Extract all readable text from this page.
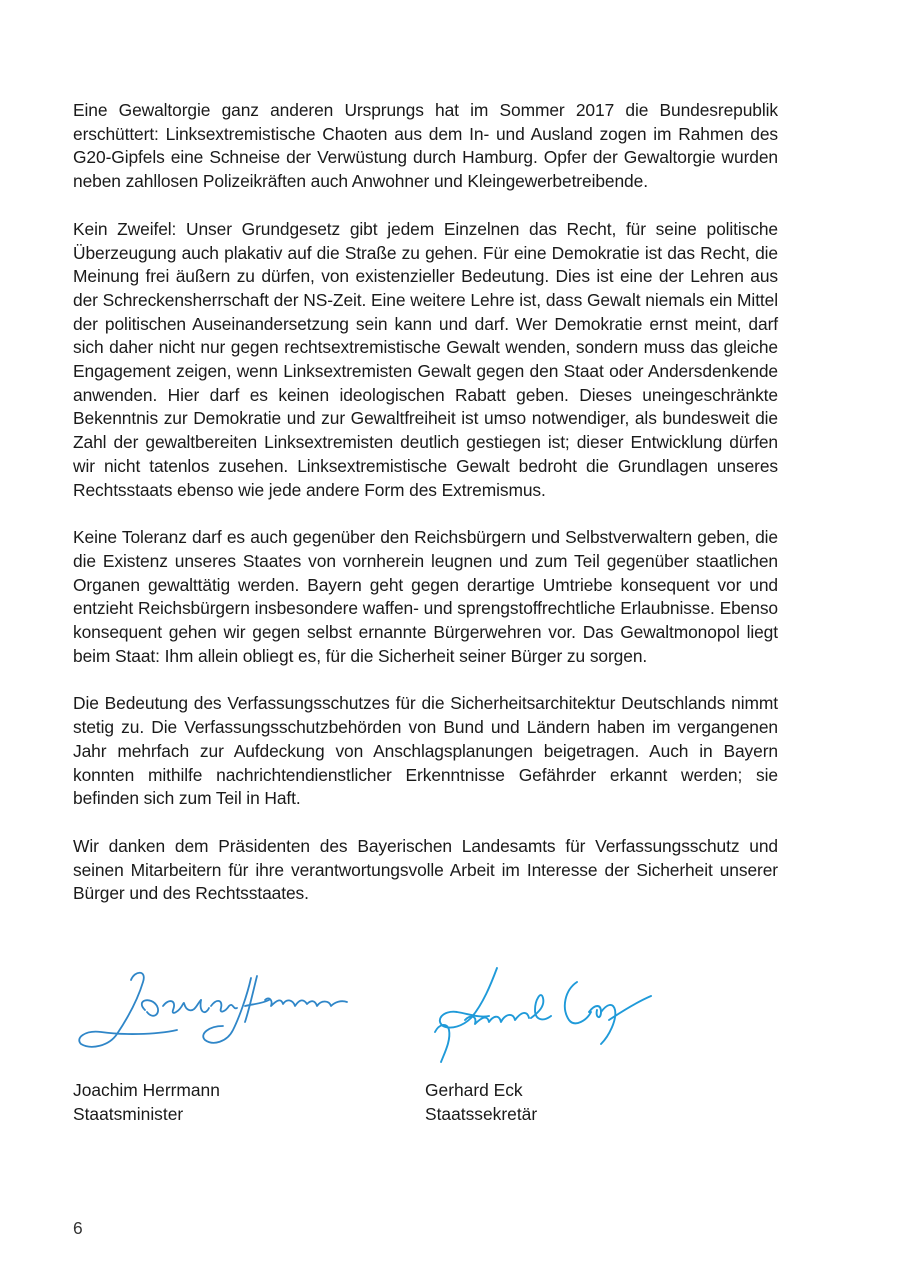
Eine Gewaltorgie ganz anderen Ursprungs hat im Sommer 2017 die Bundesrepublik erschüttert: Linksextremistische Chaoten aus dem In- und Ausland zogen im Rahmen des G20-Gipfels eine Schneise der Verwüstung durch Hamburg. Opfer der Gewaltorgie wurden neben zahllosen Polizeikräften auch Anwohner und Kleingewerbetreibende.

Kein Zweifel: Unser Grundgesetz gibt jedem Einzelnen das Recht, für seine politische Überzeugung auch plakativ auf die Straße zu gehen. Für eine Demokratie ist das Recht, die Meinung frei äußern zu dürfen, von existenzieller Bedeutung. Dies ist eine der Lehren aus der Schreckensherrschaft der NS-Zeit. Eine weitere Lehre ist, dass Gewalt niemals ein Mittel der politischen Auseinandersetzung sein kann und darf. Wer Demokratie ernst meint, darf sich daher nicht nur gegen rechtsextremistische Gewalt wenden, sondern muss das gleiche Engagement zeigen, wenn Linksextremisten Gewalt gegen den Staat oder Andersdenkende anwenden. Hier darf es keinen ideologischen Rabatt geben. Dieses uneingeschränkte Bekenntnis zur Demokratie und zur Gewaltfreiheit ist umso notwendiger, als bundesweit die Zahl der gewaltbereiten Linksextremisten deutlich gestiegen ist; dieser Entwicklung dürfen wir nicht tatenlos zusehen. Linksextremistische Gewalt bedroht die Grundlagen unseres Rechtsstaats ebenso wie jede andere Form des Extremismus.

Keine Toleranz darf es auch gegenüber den Reichsbürgern und Selbstverwaltern geben, die die Existenz unseres Staates von vornherein leugnen und zum Teil gegenüber staatlichen Organen gewalttätig werden. Bayern geht gegen derartige Umtriebe konsequent vor und entzieht Reichsbürgern insbesondere waffen- und sprengstoffrechtliche Erlaubnisse. Ebenso konsequent gehen wir gegen selbst ernannte Bürgerwehren vor. Das Gewaltmonopol liegt beim Staat: Ihm allein obliegt es, für die Sicherheit seiner Bürger zu sorgen.

Die Bedeutung des Verfassungsschutzes für die Sicherheitsarchitektur Deutschlands nimmt stetig zu. Die Verfassungsschutzbehörden von Bund und Ländern haben im vergangenen Jahr mehrfach zur Aufdeckung von Anschlagsplanungen beigetragen. Auch in Bayern konnten mithilfe nachrichtendienstlicher Erkenntnisse Gefährder erkannt werden; sie befinden sich zum Teil in Haft.

Wir danken dem Präsidenten des Bayerischen Landesamts für Verfassungsschutz und seinen Mitarbeitern für ihre verantwortungsvolle Arbeit im Interesse der Sicherheit unserer Bürger und des Rechtsstaates.

Joachim Herrmann
Staatsminister
Gerhard Eck
Staatssekretär
6
